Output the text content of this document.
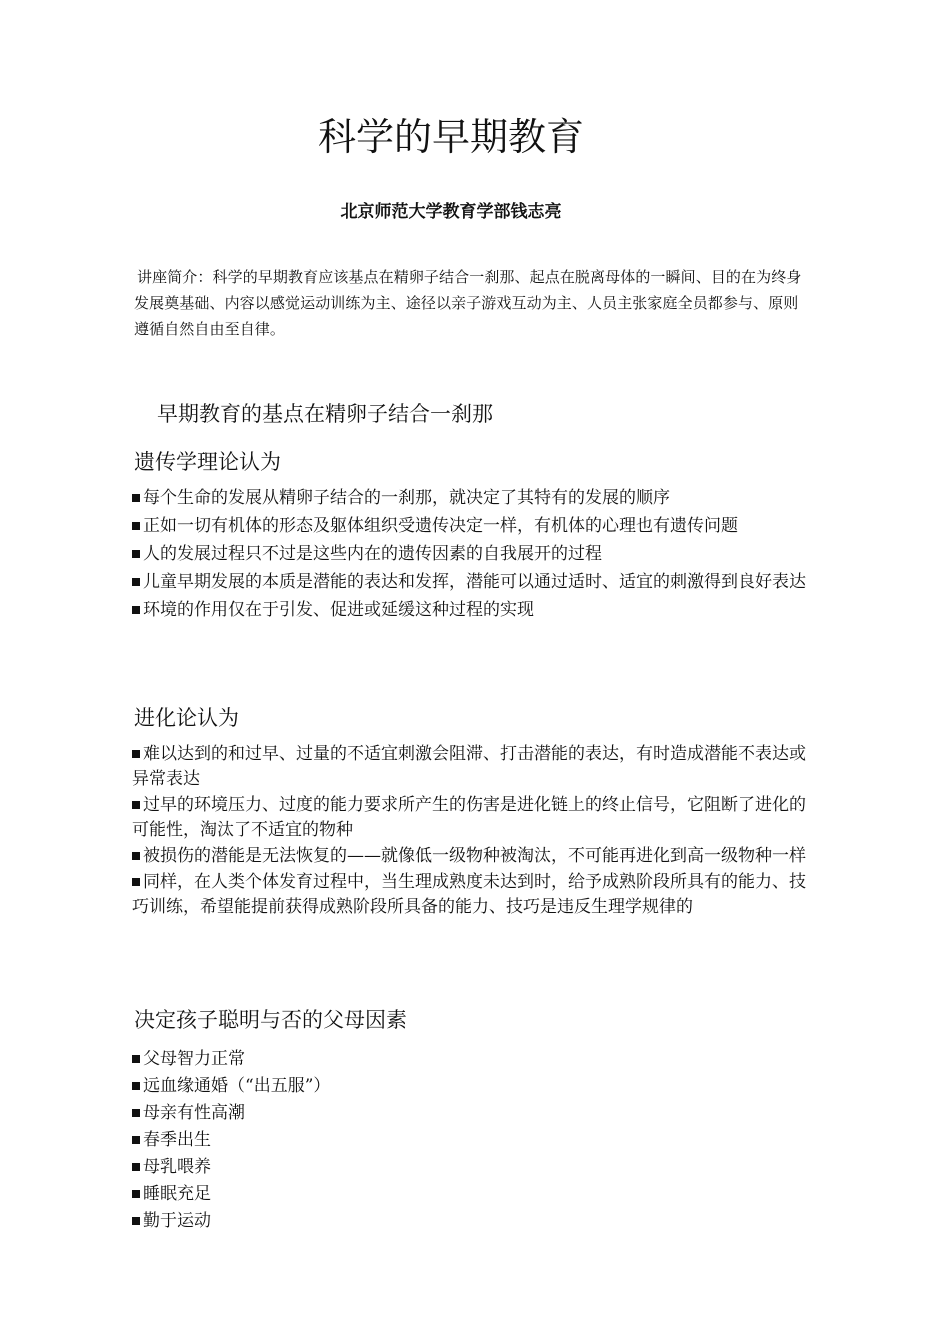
科学的早期教育
北京师范大学教育学部钱志亮
讲座简介：科学的早期教育应该基点在精卵子结合一刹那、起点在脱离母体的一瞬间、目的在为终身发展奠基础、内容以感觉运动训练为主、途径以亲子游戏互动为主、人员主张家庭全员都参与、原则遵循自然自由至自律。
早期教育的基点在精卵子结合一刹那
遗传学理论认为
每个生命的发展从精卵子结合的一刹那，就决定了其特有的发展的顺序
正如一切有机体的形态及躯体组织受遗传决定一样，有机体的心理也有遗传问题
人的发展过程只不过是这些内在的遗传因素的自我展开的过程
儿童早期发展的本质是潜能的表达和发挥，潜能可以通过适时、适宜的刺激得到良好表达
环境的作用仅在于引发、促进或延缓这种过程的实现
进化论认为
难以达到的和过早、过量的不适宜刺激会阻滞、打击潜能的表达，有时造成潜能不表达或异常表达
过早的环境压力、过度的能力要求所产生的伤害是进化链上的终止信号，它阻断了进化的可能性，淘汰了不适宜的物种
被损伤的潜能是无法恢复的——就像低一级物种被淘汰，不可能再进化到高一级物种一样
同样，在人类个体发育过程中，当生理成熟度未达到时，给予成熟阶段所具有的能力、技巧训练，希望能提前获得成熟阶段所具备的能力、技巧是违反生理学规律的
决定孩子聪明与否的父母因素
父母智力正常
远血缘通婚（“出五服”）
母亲有性高潮
春季出生
母乳喂养
睡眠充足
勤于运动
